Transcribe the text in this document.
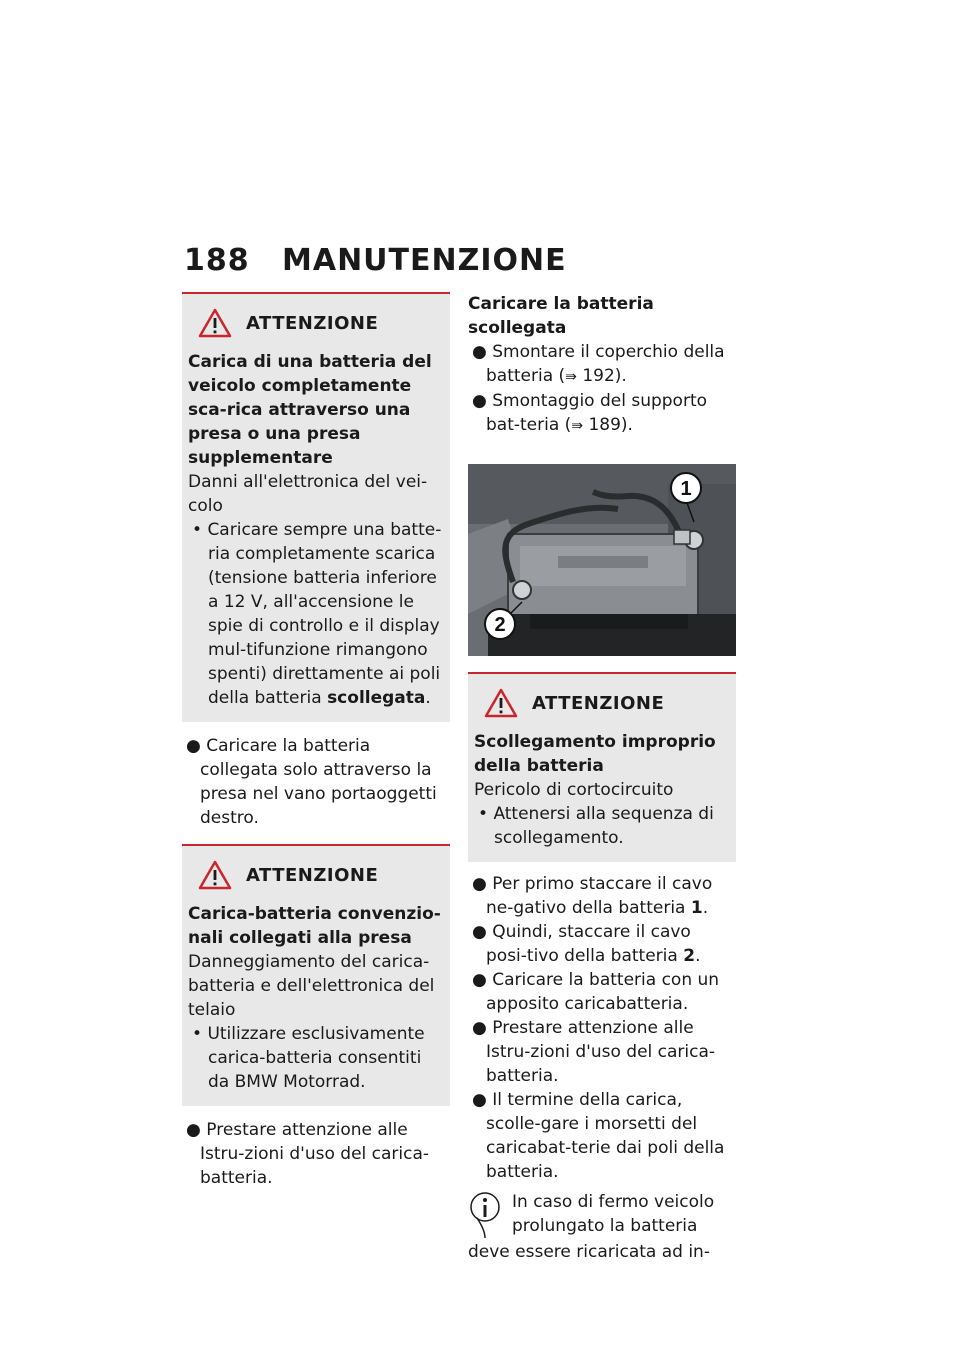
188	MANUTENZIONE
ATTENZIONE
Carica di una batteria del veicolo completamente sca-rica attraverso una presa o una presa supplementare
Danni all'elettronica del vei-colo
• Caricare sempre una batte-ria completamente scarica (tensione batteria inferiore a 12 V, all'accensione le spie di controllo e il display mul-tifunzione rimangono spenti) direttamente ai poli della batteria scollegata.

● Caricare la batteria collegata solo attraverso la presa nel vano portaoggetti destro.

ATTENZIONE
Carica-batteria convenzio-nali collegati alla presa
Danneggiamento del carica-batteria e dell'elettronica del telaio
• Utilizzare esclusivamente carica-batteria consentiti da BMW Motorrad.

● Prestare attenzione alle Istru-zioni d'uso del carica-batteria.

Caricare la batteria scollegata

● Smontare il coperchio della batteria (⇛ 192).

● Smontaggio del supporto bat-teria (⇛ 189).

1
2
ATTENZIONE
Scollegamento improprio della batteria
Pericolo di cortocircuito
• Attenersi alla sequenza di scollegamento.

● Per primo staccare il cavo ne-gativo della batteria 1.

● Quindi, staccare il cavo posi-tivo della batteria 2.

● Caricare la batteria con un apposito caricabatteria.

● Prestare attenzione alle Istru-zioni d'uso del carica-batteria.

● Il termine della carica, scolle-gare i morsetti del caricabat-terie dai poli della batteria.

In caso di fermo veicolo prolungato la batteria
deve essere ricaricata ad in-
